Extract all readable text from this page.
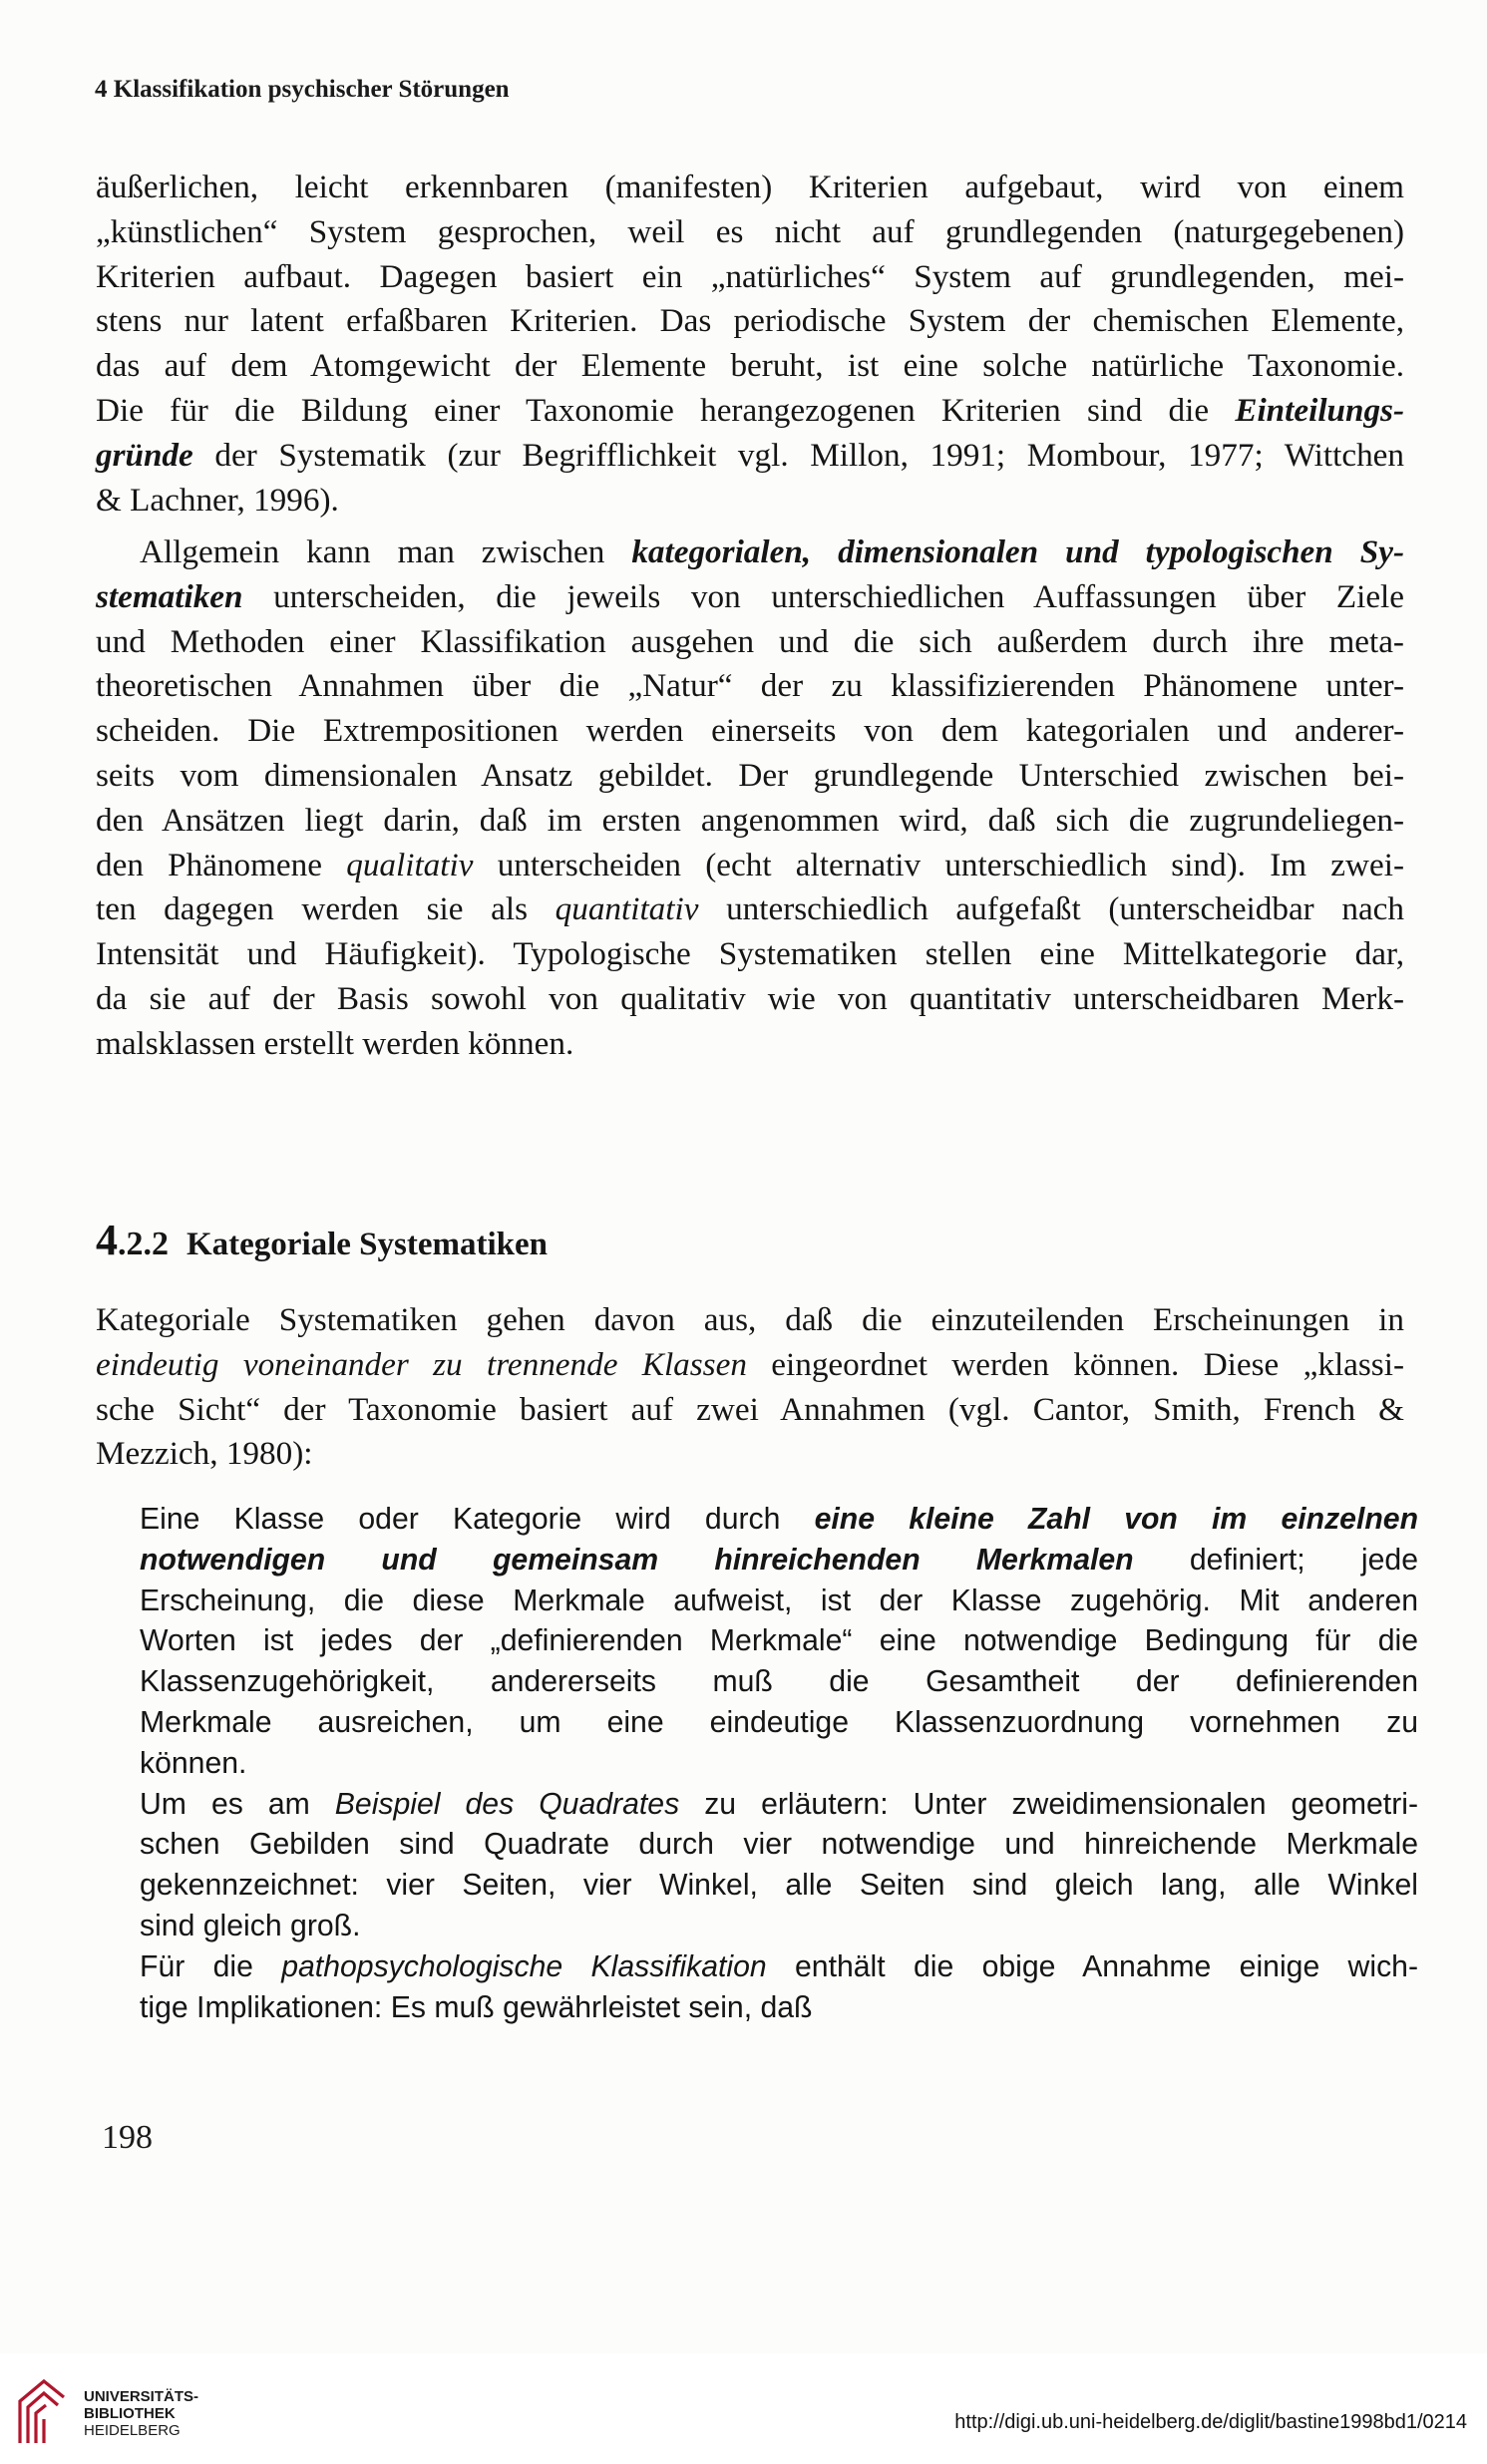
4 Klassifikation psychischer Störungen
äußerlichen, leicht erkennbaren (manifesten) Kriterien aufgebaut, wird von einem
„künstlichen“ System gesprochen, weil es nicht auf grundlegenden (naturgegebenen)
Kriterien aufbaut. Dagegen basiert ein „natürliches“ System auf grundlegenden, mei-
stens nur latent erfaßbaren Kriterien. Das periodische System der chemischen Elemente,
das auf dem Atomgewicht der Elemente beruht, ist eine solche natürliche Taxonomie.
Die für die Bildung einer Taxonomie herangezogenen Kriterien sind die Einteilungs-
gründe der Systematik (zur Begrifflichkeit vgl. Millon, 1991; Mombour, 1977; Wittchen
& Lachner, 1996).
Allgemein kann man zwischen kategorialen, dimensionalen und typologischen Sy-
stematiken unterscheiden, die jeweils von unterschiedlichen Auffassungen über Ziele
und Methoden einer Klassifikation ausgehen und die sich außerdem durch ihre meta-
theoretischen Annahmen über die „Natur“ der zu klassifizierenden Phänomene unter-
scheiden. Die Extrempositionen werden einerseits von dem kategorialen und anderer-
seits vom dimensionalen Ansatz gebildet. Der grundlegende Unterschied zwischen bei-
den Ansätzen liegt darin, daß im ersten angenommen wird, daß sich die zugrundeliegen-
den Phänomene qualitativ unterscheiden (echt alternativ unterschiedlich sind). Im zwei-
ten dagegen werden sie als quantitativ unterschiedlich aufgefaßt (unterscheidbar nach
Intensität und Häufigkeit). Typologische Systematiken stellen eine Mittelkategorie dar,
da sie auf der Basis sowohl von qualitativ wie von quantitativ unterscheidbaren Merk-
malsklassen erstellt werden können.
4.2.2 Kategoriale Systematiken
Kategoriale Systematiken gehen davon aus, daß die einzuteilenden Erscheinungen in
eindeutig voneinander zu trennende Klassen eingeordnet werden können. Diese „klassi-
sche Sicht“ der Taxonomie basiert auf zwei Annahmen (vgl. Cantor, Smith, French &
Mezzich, 1980):
Eine Klasse oder Kategorie wird durch eine kleine Zahl von im einzelnen
notwendigen und gemeinsam hinreichenden Merkmalen definiert; jede
Erscheinung, die diese Merkmale aufweist, ist der Klasse zugehörig. Mit anderen
Worten ist jedes der „definierenden Merkmale“ eine notwendige Bedingung für die
Klassenzugehörigkeit, andererseits muß die Gesamtheit der definierenden
Merkmale ausreichen, um eine eindeutige Klassenzuordnung vornehmen zu
können.
Um es am Beispiel des Quadrates zu erläutern: Unter zweidimensionalen geometri-
schen Gebilden sind Quadrate durch vier notwendige und hinreichende Merkmale
gekennzeichnet: vier Seiten, vier Winkel, alle Seiten sind gleich lang, alle Winkel
sind gleich groß.
Für die pathopsychologische Klassifikation enthält die obige Annahme einige wich-
tige Implikationen: Es muß gewährleistet sein, daß
198
UNIVERSITÄTS-
BIBLIOTHEK
HEIDELBERG	http://digi.ub.uni-heidelberg.de/diglit/bastine1998bd1/0214
